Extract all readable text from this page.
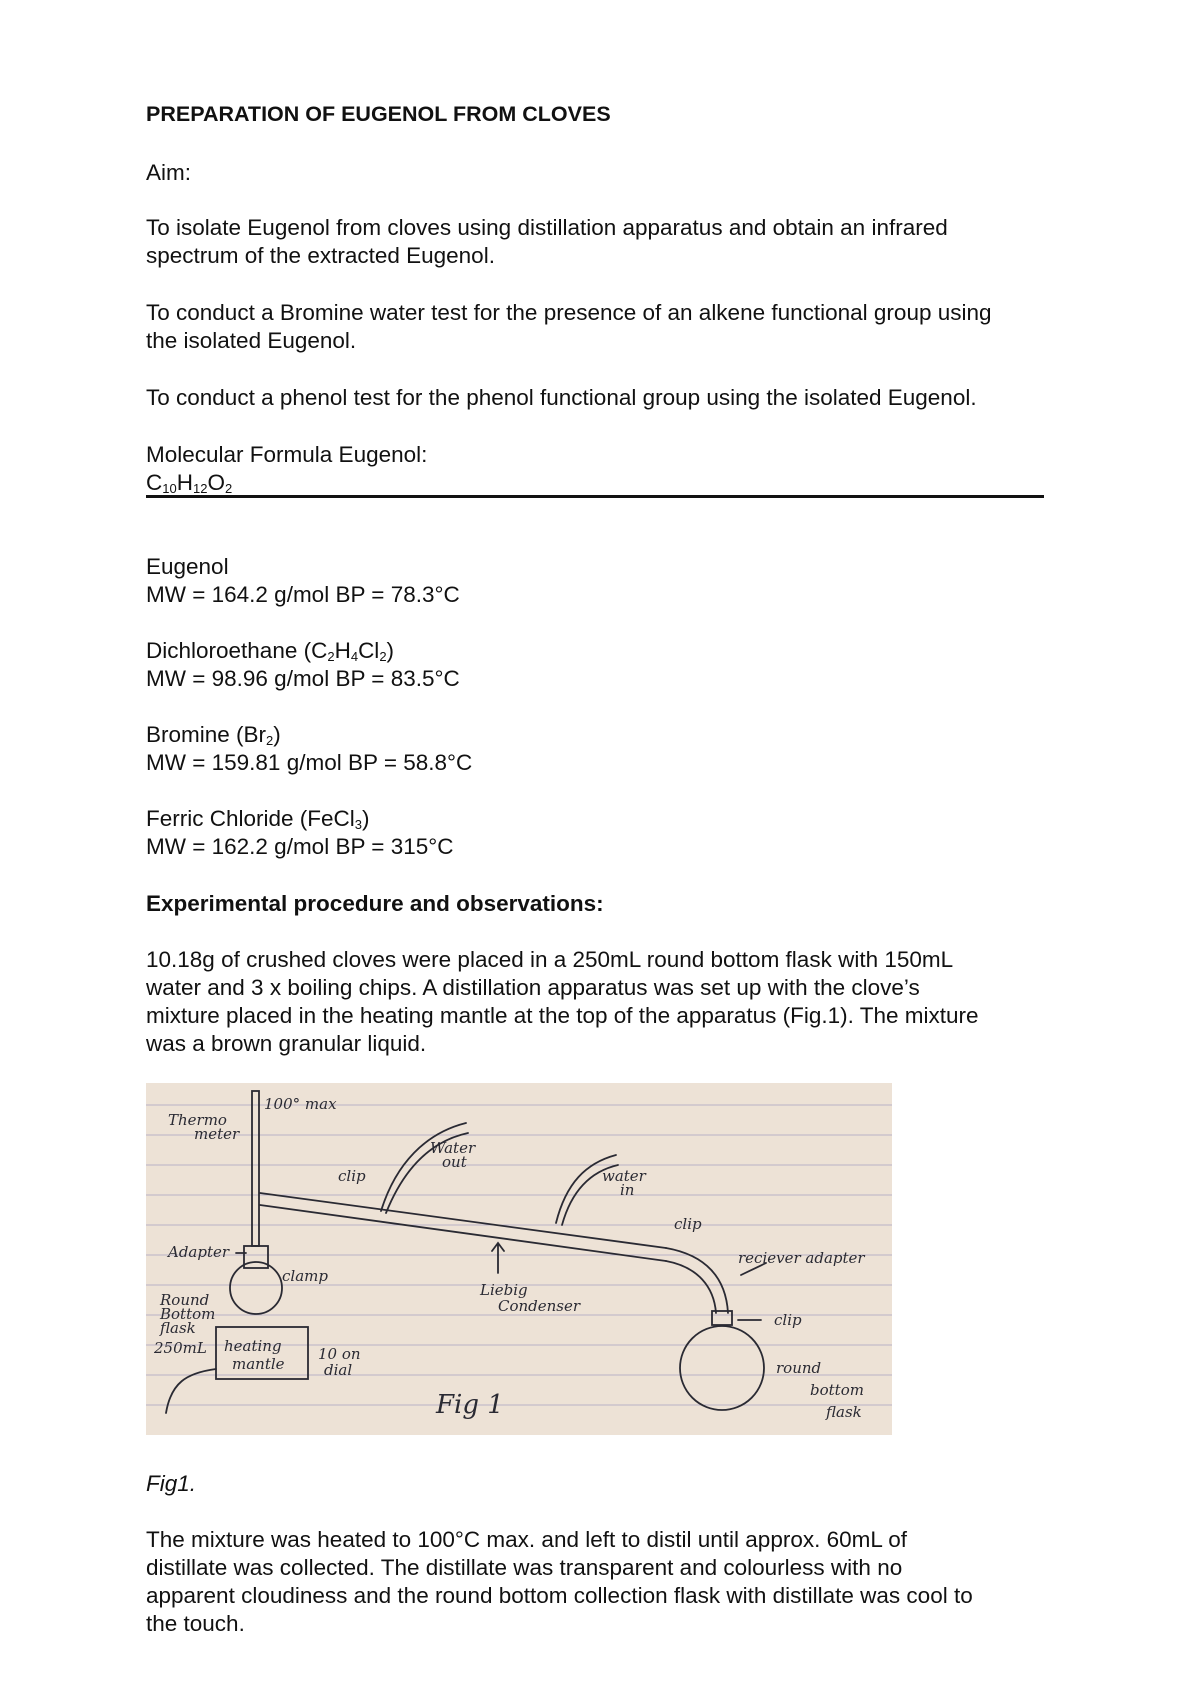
PREPARATION OF EUGENOL FROM CLOVES

Aim:

To isolate Eugenol from cloves using distillation apparatus and obtain an infrared

spectrum of the extracted Eugenol.

To conduct a Bromine water test for the presence of an alkene functional group using

the isolated Eugenol.

To conduct a phenol test for the phenol functional group using the isolated Eugenol.

Molecular Formula Eugenol:

$C_{10}H_{12}O_2$

Eugenol

MW = 164.2 g/mol BP = 78.3°C

Dichloroethane $(C_2H_4Cl_2)$

MW = 98.96 g/mol BP = 83.5°C

Bromine $(Br_2)$

MW = 159.81 g/mol BP = 58.8°C

Ferric Chloride (FeCl$_3$)

MW = 162.2 g/mol BP = 315°C

Experimental procedure and observations:

10.18g of crushed cloves were placed in a 250mL round bottom flask with 150mL

water and 3 x boiling chips. A distillation apparatus was set up with the clove’s

mixture placed in the heating mantle at the top of the apparatus (Fig.1). The mixture

was a brown granular liquid.

Thermo
meter
100° max
Water
out
clip	water
in
clip
Adapter
clamp
Round
Bottom
flask
250mL
Liebig
Condenser
reciever adapter
clip
heating
mantle
10 on
dial	round
bottom
flask
Fig 1

Fig1.

The mixture was heated to 100°C max. and left to distil until approx. 60mL of

distillate was collected. The distillate was transparent and colourless with no

apparent cloudiness and the round bottom collection flask with distillate was cool to

the touch.
